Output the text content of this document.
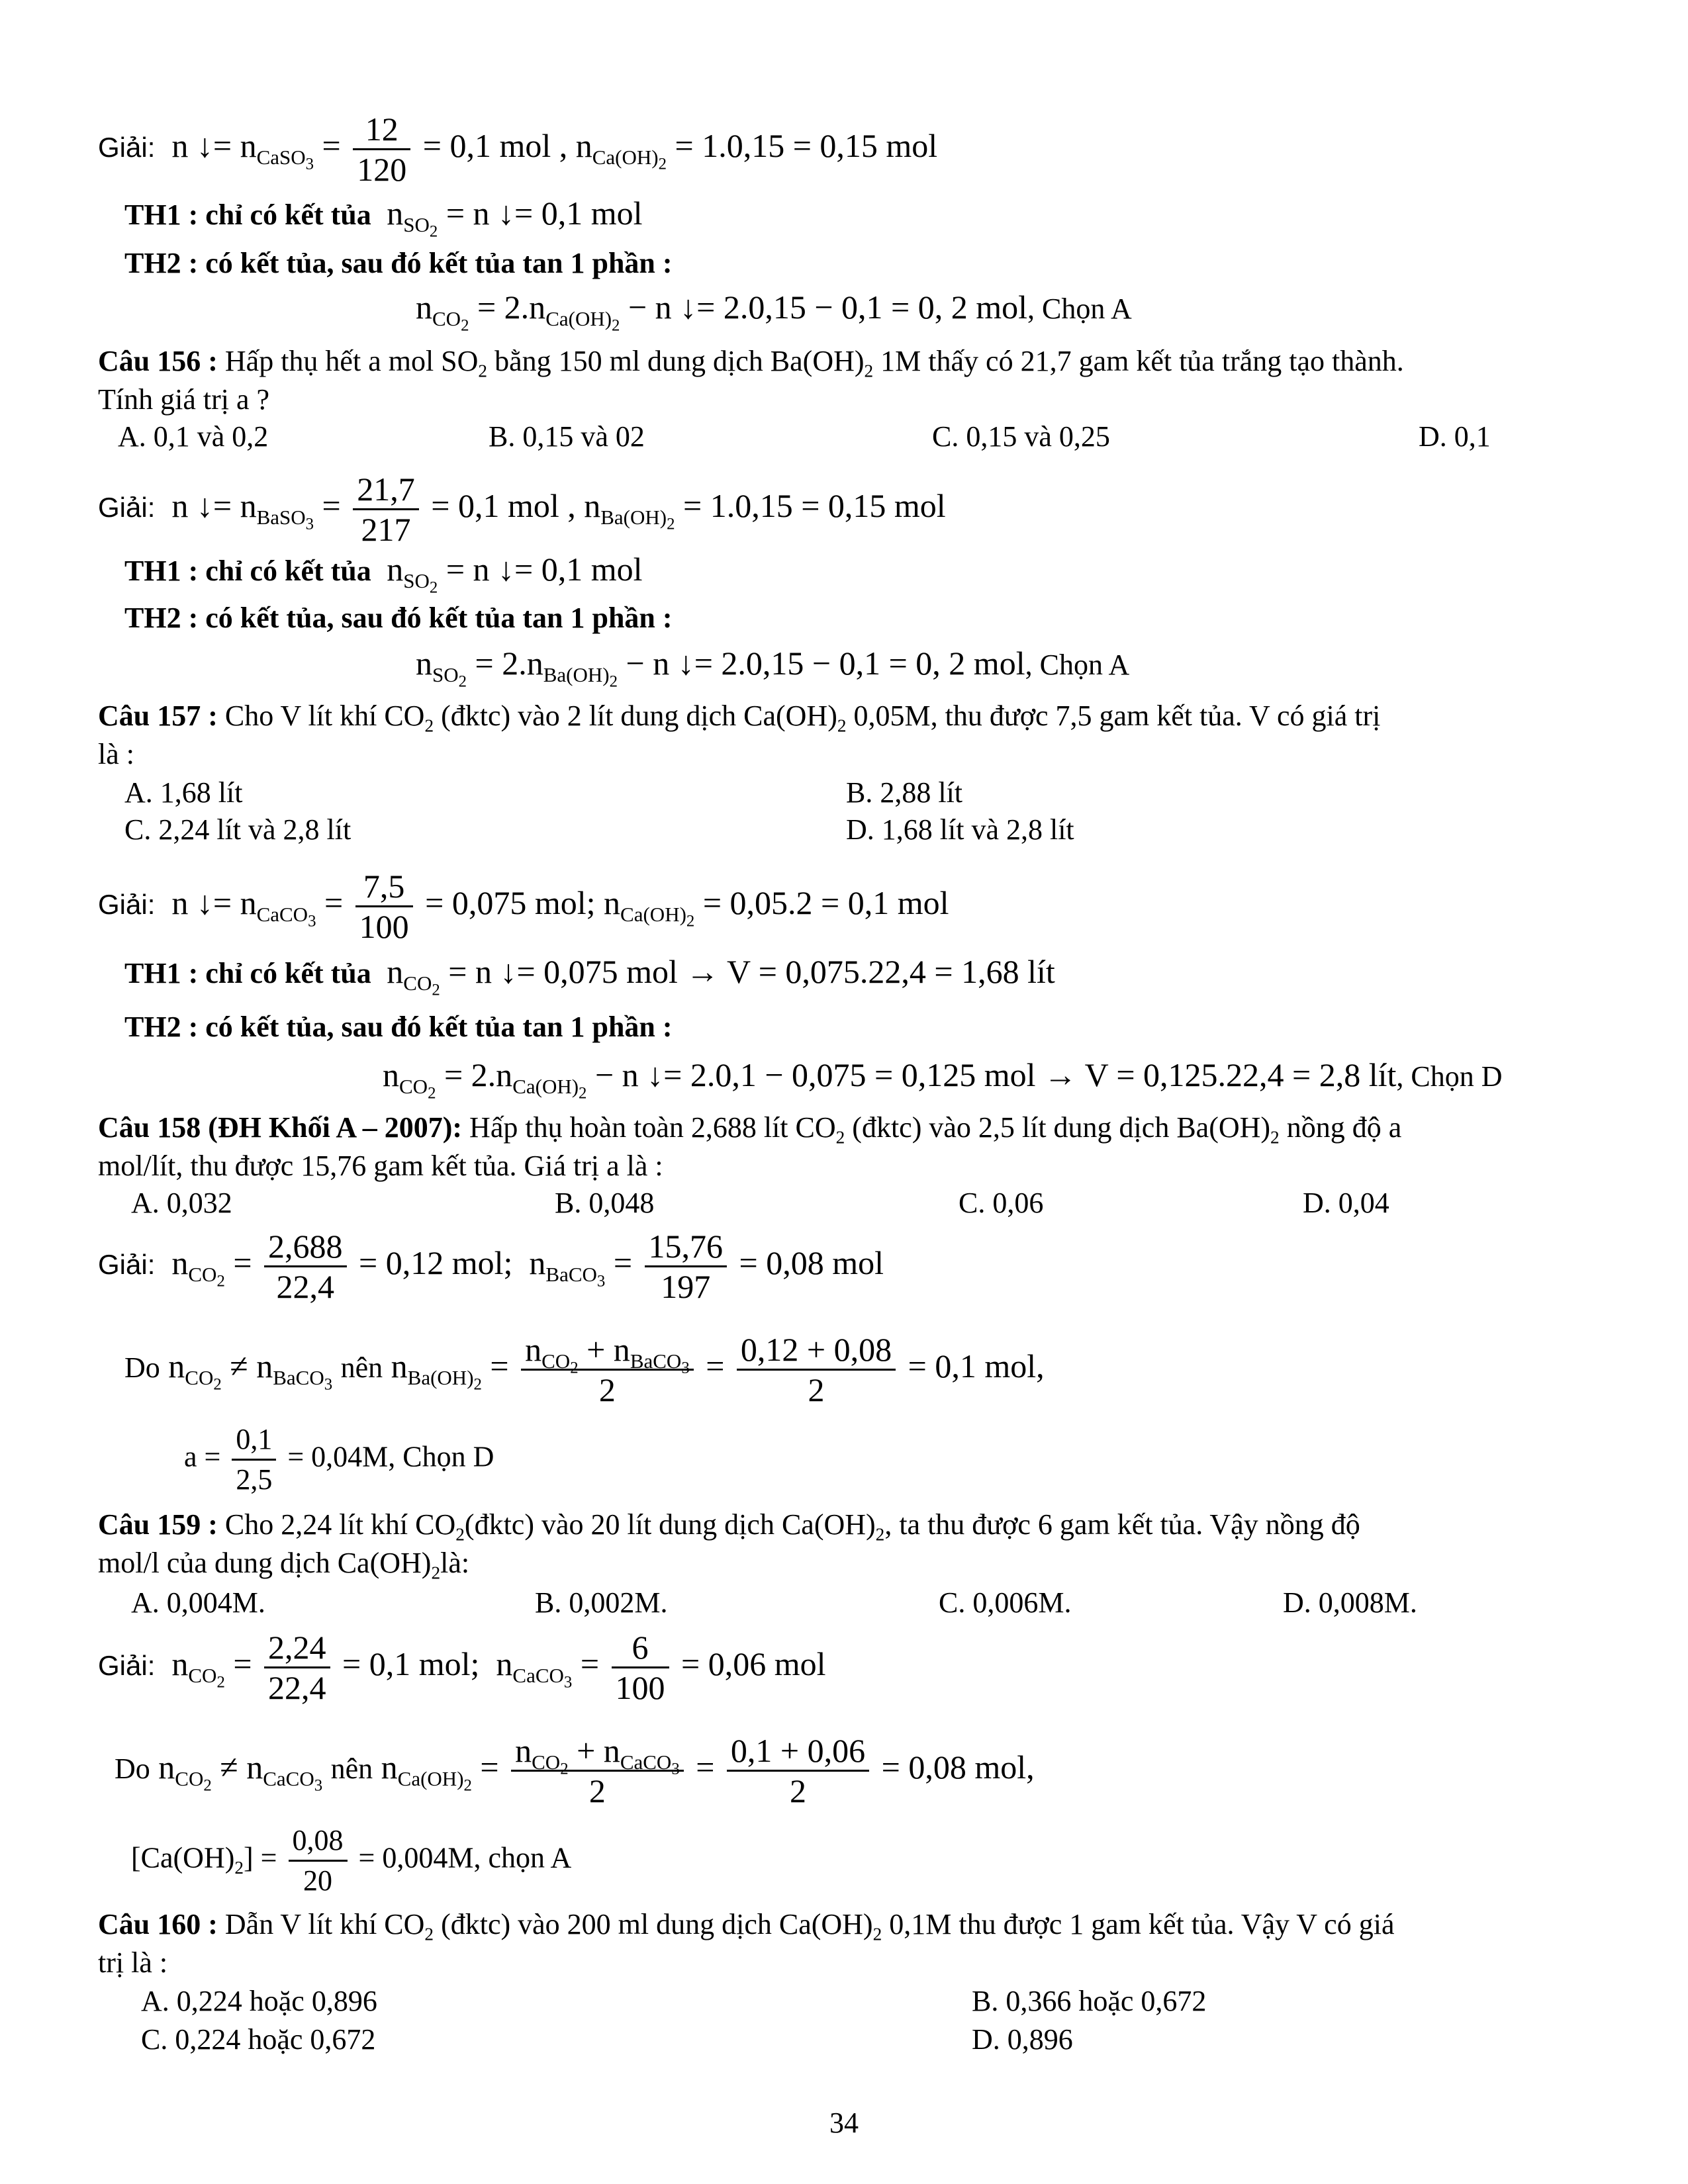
Giải:  n ↓= $n_{CaSO_3} = \frac{12}{120} = 0,1$ mol , $n_{Ca(OH)_2} = 1.0,15 = 0,15$ mol
TH1 : chỉ có kết tủa  $n_{SO_2} = n$ ↓= 0,1 mol
TH2 : có kết tủa, sau đó kết tủa tan 1 phần :
$n_{CO_2} = 2.n_{Ca(OH)_2} - n$ ↓= 2.0,15 − 0,1 = 0, 2 mol, Chọn A
Câu 156 : Hấp thụ hết a mol $SO_2$ bằng 150 ml dung dịch $Ba(OH)_2$ 1M thấy có 21,7 gam kết tủa trắng tạo thành.
Tính giá trị a ?
A. 0,1 và 0,2	B. 0,15 và 02	C. 0,15 và 0,25	D. 0,1
Giải:  n ↓= $n_{BaSO_3} = \frac{21,7}{217} = 0,1$ mol , $n_{Ba(OH)_2} = 1.0,15 = 0,15$ mol
TH1 : chỉ có kết tủa  $n_{SO_2} = n$ ↓= 0,1 mol
TH2 : có kết tủa, sau đó kết tủa tan 1 phần :
$n_{SO_2} = 2.n_{Ba(OH)_2} - n$ ↓= 2.0,15 − 0,1 = 0, 2 mol, Chọn A
Câu 157 : Cho V lít khí $CO_2$ (đktc) vào 2 lít dung dịch $Ca(OH)_2$ 0,05M, thu được 7,5 gam kết tủa. V có giá trị
là :
A. 1,68 lít	B. 2,88 lít
C. 2,24 lít và 2,8 lít	D. 1,68 lít và 2,8 lít
Giải:  n ↓= $n_{CaCO_3} = \frac{7,5}{100} = 0,075$ mol; $n_{Ca(OH)_2} = 0,05.2 = 0,1$ mol
TH1 : chỉ có kết tủa  $n_{CO_2} = n$ ↓= 0,075 mol → V = 0,075.22,4 = 1,68 lít
TH2 : có kết tủa, sau đó kết tủa tan 1 phần :
$n_{CO_2} = 2.n_{Ca(OH)_2} - n$ ↓= 2.0,1 − 0,075 = 0,125 mol → V = 0,125.22,4 = 2,8 lít, Chọn D
Câu 158 (ĐH Khối A – 2007): Hấp thụ hoàn toàn 2,688 lít $CO_2$ (đktc) vào 2,5 lít dung dịch $Ba(OH)_2$ nồng độ a
mol/lít, thu được 15,76 gam kết tủa. Giá trị a là :
A. 0,032	B. 0,048	C. 0,06	D. 0,04
Giải:  $n_{CO_2} = \frac{2,688}{22,4} = 0,12$ mol; $n_{BaCO_3} = \frac{15,76}{197} = 0,08$ mol
Do $n_{CO_2} \ne n_{BaCO_3}$ nên $n_{Ba(OH)_2} = \frac{n_{CO_2} + n_{BaCO_3}}{2} = \frac{0,12 + 0,08}{2} = 0,1$ mol,
$a = \frac{0,1}{2,5} = 0,04M$, Chọn D
Câu 159 : Cho 2,24 lít khí $CO_2(đktc)$ vào 20 lít dung dịch $Ca(OH)_2$, ta thu được 6 gam kết tủa. Vậy nồng độ
mol/l của dung dịch $Ca(OH)_2là$:
A. 0,004M.	B. 0,002M.	C. 0,006M.	D. 0,008M.
Giải:  $n_{CO_2} = \frac{2,24}{22,4} = 0,1$ mol; $n_{CaCO_3} = \frac{6}{100} = 0,06$ mol
Do $n_{CO_2} \ne n_{CaCO_3}$ nên $n_{Ca(OH)_2} = \frac{n_{CO_2} + n_{CaCO_3}}{2} = \frac{0,1 + 0,06}{2} = 0,08$ mol,
$[Ca(OH)_2] = \frac{0,08}{20} = 0,004M$, chọn A
Câu 160 : Dẫn V lít khí $CO_2$ (đktc) vào 200 ml dung dịch $Ca(OH)_2$ 0,1M thu được 1 gam kết tủa. Vậy V có giá
trị là :
A. 0,224 hoặc 0,896	B. 0,366 hoặc 0,672
C. 0,224 hoặc 0,672	D. 0,896
34
